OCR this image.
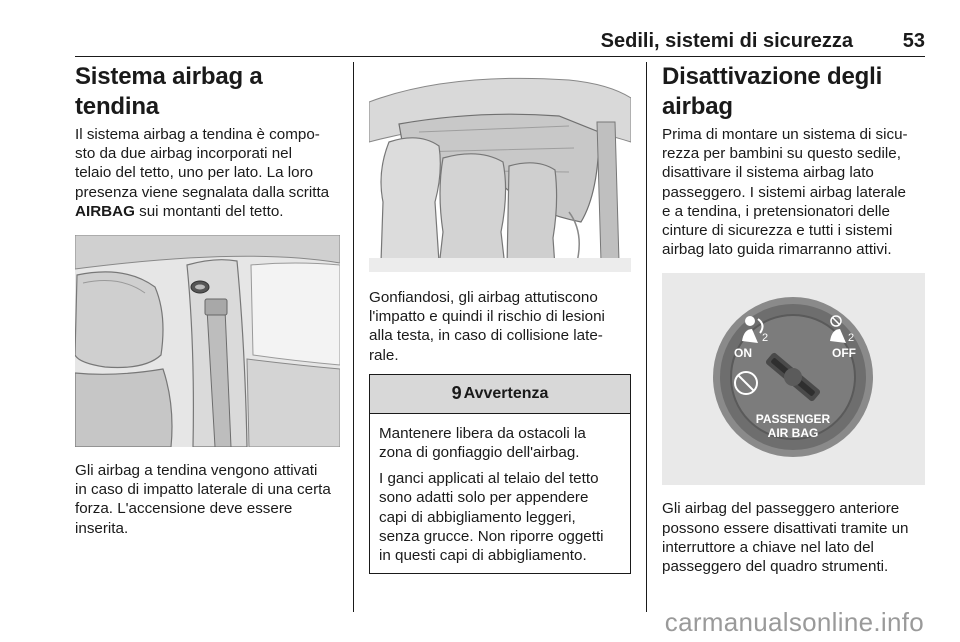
Sedili, sistemi di sicurezza 53
Sistema airbag a tendina

Il sistema airbag a tendina è compo-
sto da due airbag incorporati nel
telaio del tetto, uno per lato. La loro
presenza viene segnalata dalla scritta
AIRBAG sui montanti del tetto.

Gli airbag a tendina vengono attivati
in caso di impatto laterale di una certa
forza. L'accensione deve essere
inserita.

Gonfiandosi, gli airbag attutiscono
l'impatto e quindi il rischio di lesioni
alla testa, in caso di collisione late-
rale.

9 Avvertenza

Mantenere libera da ostacoli la
zona di gonfiaggio dell'airbag.

I ganci applicati al telaio del tetto
sono adatti solo per appendere
capi di abbigliamento leggeri,
senza grucce. Non riporre oggetti
in questi capi di abbigliamento.

Disattivazione degli airbag

Prima di montare un sistema di sicu-
rezza per bambini su questo sedile,
disattivare il sistema airbag lato
passeggero. I sistemi airbag laterale
e a tendina, i pretensionatori delle
cinture di sicurezza e tutti i sistemi
airbag lato guida rimarranno attivi.

2
ON
2
OFF
PASSENGER
AIR BAG

Gli airbag del passeggero anteriore
possono essere disattivati tramite un
interruttore a chiave nel lato del
passeggero del quadro strumenti.

carmanualsonline.info
